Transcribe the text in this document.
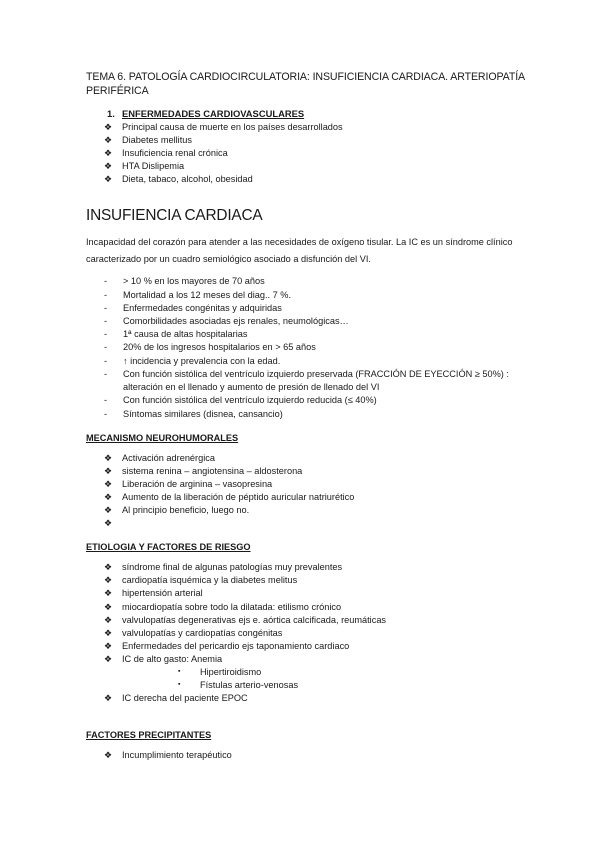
TEMA 6. PATOLOGÍA CARDIOCIRCULATORIA: INSUFICIENCIA CARDIACA. ARTERIOPATÍA PERIFÉRICA
1. ENFERMEDADES CARDIOVASCULARES
❖ Principal causa de muerte en los países desarrollados
❖ Diabetes mellitus
❖ Insuficiencia renal crónica
❖ HTA Dislipemia
❖ Dieta, tabaco, alcohol, obesidad
INSUFIENCIA CARDIACA

Incapacidad del corazón para atender a las necesidades de oxígeno tisular. La IC es un síndrome clínico caracterizado por un cuadro semiológico asociado a disfunción del VI.

- > 10 % en los mayores de 70 años
- Mortalidad a los 12 meses del diag.. 7 %.
- Enfermedades congénitas y adquiridas
- Comorbilidades asociadas ejs renales, neumológicas…
- 1ª causa de altas hospitalarias
- 20% de los ingresos hospitalarios en > 65 años
- ↑ incidencia y prevalencia con la edad.
- Con función sistólica del ventrículo izquierdo preservada (FRACCIÓN DE EYECCIÓN ≥ 50%) : alteración en el llenado y aumento de presión de llenado del VI
- Con función sistólica del ventrículo izquierdo reducida (≤ 40%)
- Síntomas similares (disnea, cansancio)
MECANISMO NEUROHUMORALES
❖ Activación adrenérgica
❖ sistema renina – angiotensina – aldosterona
❖ Liberación de arginina – vasopresina
❖ Aumento de la liberación de péptido auricular natriurético
❖ Al principio beneficio, luego no.
❖

ETIOLOGIA Y FACTORES DE RIESGO
❖ síndrome final de algunas patologías muy prevalentes
❖ cardiopatía isquémica y la diabetes melitus
❖ hipertensión arterial
❖ miocardiopatía sobre todo la dilatada: etilismo crónico
❖ valvulopatías degenerativas ejs e. aórtica calcificada, reumáticas
❖ valvulopatías y cardiopatías congénitas
❖ Enfermedades del pericardio ejs taponamiento cardiaco
❖ IC de alto gasto: Anemia
▪ Hipertiroidismo
▪ Fístulas arterio-venosas
❖ IC derecha del paciente EPOC
FACTORES PRECIPITANTES
❖ Incumplimiento terapéutico
